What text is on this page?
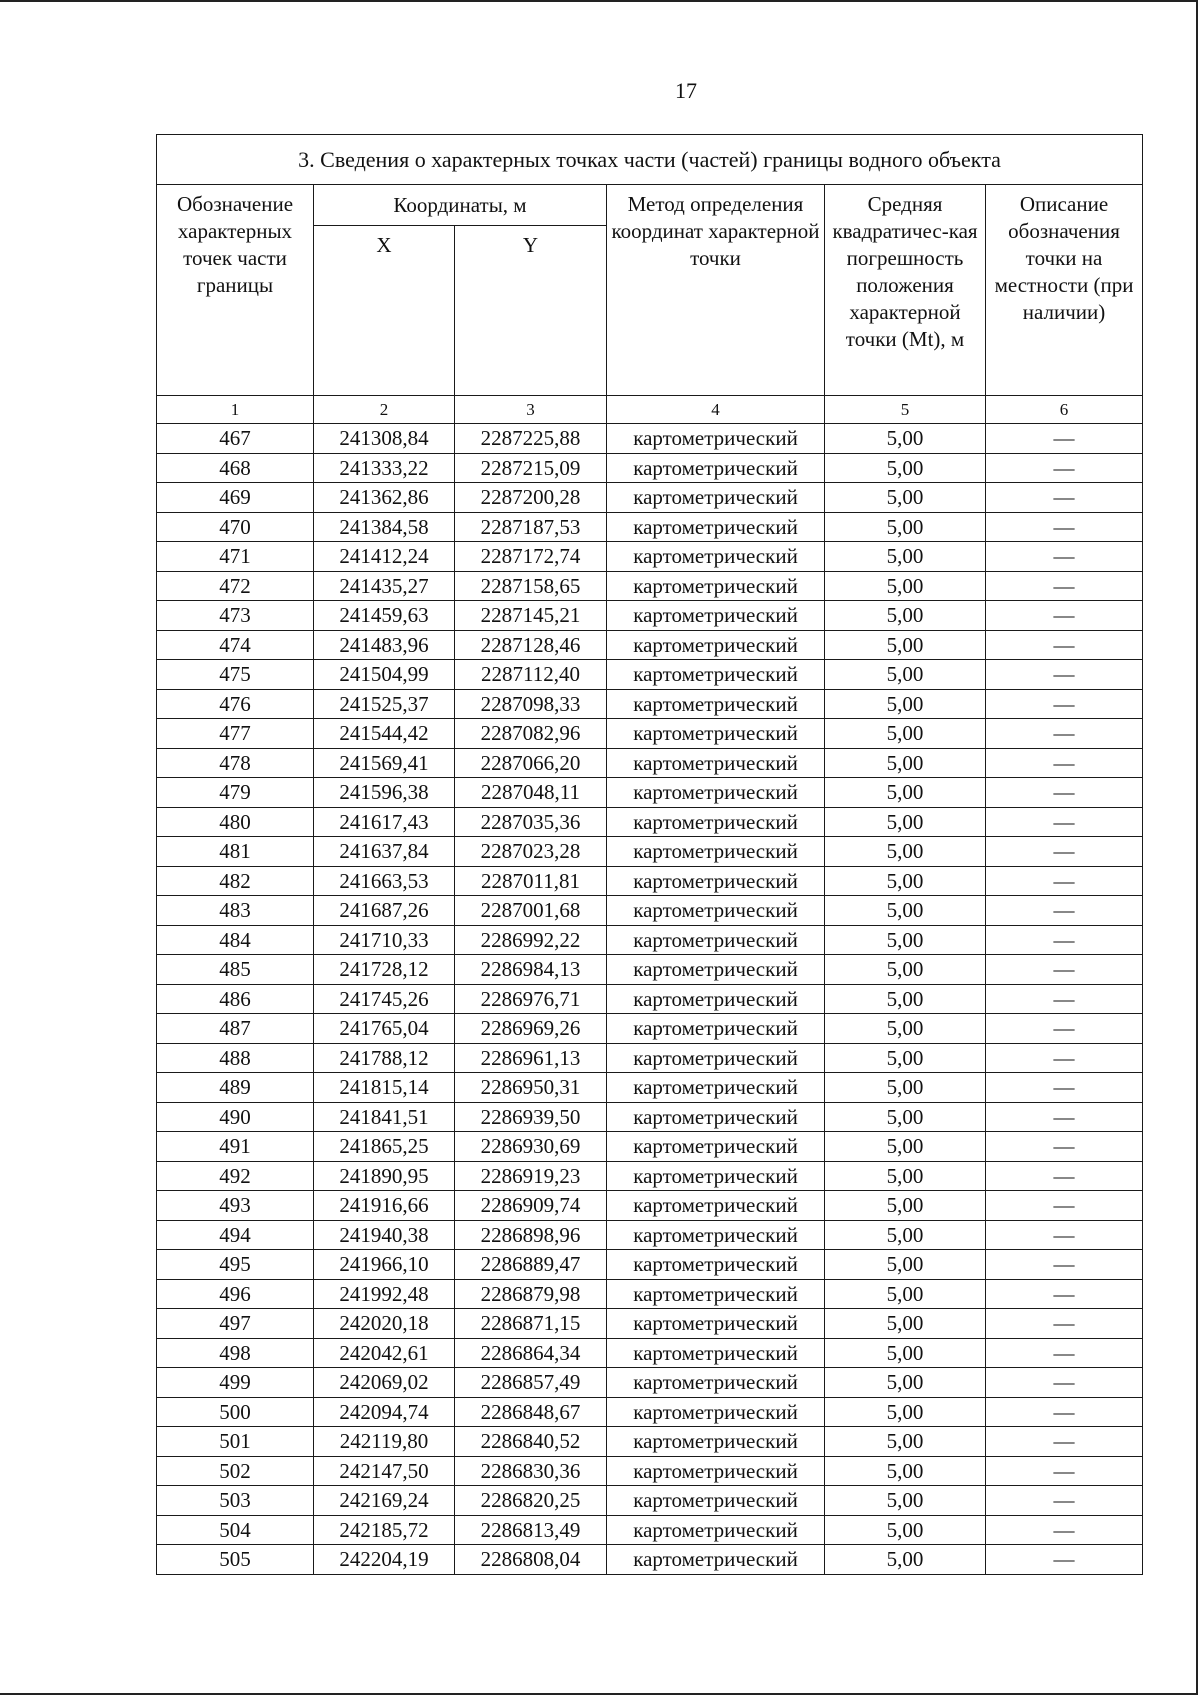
17
3. Сведения о характерных точках части (частей) границы водного объекта					
Обозначение характерных точек части границы	Координаты, м		Метод определения координат характерной точки	Средняя квадратичес-кая погрешность положения характерной точки (Mt), м	Описание обозначения точки на местности (при наличии)
	X	Y			
1	2	3	4	5	6
467	241308,84	2287225,88	картометрический	5,00	—
468	241333,22	2287215,09	картометрический	5,00	—
469	241362,86	2287200,28	картометрический	5,00	—
470	241384,58	2287187,53	картометрический	5,00	—
471	241412,24	2287172,74	картометрический	5,00	—
472	241435,27	2287158,65	картометрический	5,00	—
473	241459,63	2287145,21	картометрический	5,00	—
474	241483,96	2287128,46	картометрический	5,00	—
475	241504,99	2287112,40	картометрический	5,00	—
476	241525,37	2287098,33	картометрический	5,00	—
477	241544,42	2287082,96	картометрический	5,00	—
478	241569,41	2287066,20	картометрический	5,00	—
479	241596,38	2287048,11	картометрический	5,00	—
480	241617,43	2287035,36	картометрический	5,00	—
481	241637,84	2287023,28	картометрический	5,00	—
482	241663,53	2287011,81	картометрический	5,00	—
483	241687,26	2287001,68	картометрический	5,00	—
484	241710,33	2286992,22	картометрический	5,00	—
485	241728,12	2286984,13	картометрический	5,00	—
486	241745,26	2286976,71	картометрический	5,00	—
487	241765,04	2286969,26	картометрический	5,00	—
488	241788,12	2286961,13	картометрический	5,00	—
489	241815,14	2286950,31	картометрический	5,00	—
490	241841,51	2286939,50	картометрический	5,00	—
491	241865,25	2286930,69	картометрический	5,00	—
492	241890,95	2286919,23	картометрический	5,00	—
493	241916,66	2286909,74	картометрический	5,00	—
494	241940,38	2286898,96	картометрический	5,00	—
495	241966,10	2286889,47	картометрический	5,00	—
496	241992,48	2286879,98	картометрический	5,00	—
497	242020,18	2286871,15	картометрический	5,00	—
498	242042,61	2286864,34	картометрический	5,00	—
499	242069,02	2286857,49	картометрический	5,00	—
500	242094,74	2286848,67	картометрический	5,00	—
501	242119,80	2286840,52	картометрический	5,00	—
502	242147,50	2286830,36	картометрический	5,00	—
503	242169,24	2286820,25	картометрический	5,00	—
504	242185,72	2286813,49	картометрический	5,00	—
505	242204,19	2286808,04	картометрический	5,00	—
